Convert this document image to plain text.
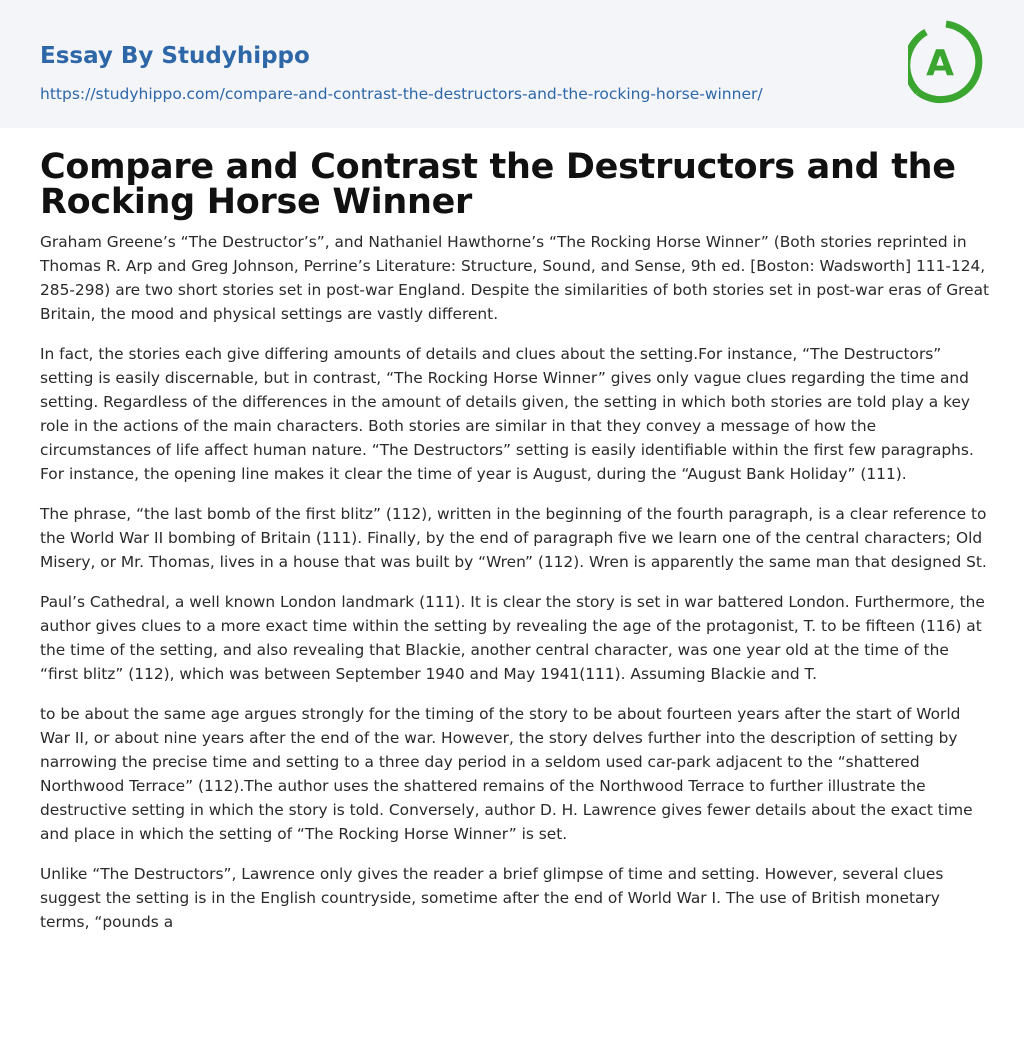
Essay By Studyhippo
https://studyhippo.com/compare-and-contrast-the-destructors-and-the-rocking-horse-winner/
A
Compare and Contrast the Destructors and the Rocking Horse Winner

Graham Greene’s “The Destructor’s”, and Nathaniel Hawthorne’s “The Rocking Horse Winner” (Both stories reprinted in Thomas R. Arp and Greg Johnson, Perrine’s Literature: Structure, Sound, and Sense, 9th ed. [Boston: Wadsworth] 111-124, 285-298) are two short stories set in post-war England. Despite the similarities of both stories set in post-war eras of Great Britain, the mood and physical settings are vastly different.

In fact, the stories each give differing amounts of details and clues about the setting.For instance, “The Destructors” setting is easily discernable, but in contrast, “The Rocking Horse Winner” gives only vague clues regarding the time and setting. Regardless of the differences in the amount of details given, the setting in which both stories are told play a key role in the actions of the main characters. Both stories are similar in that they convey a message of how the circumstances of life affect human nature. “The Destructors” setting is easily identifiable within the first few paragraphs. For instance, the opening line makes it clear the time of year is August, during the “August Bank Holiday” (111).

The phrase, “the last bomb of the first blitz” (112), written in the beginning of the fourth paragraph, is a clear reference to the World War II bombing of Britain (111). Finally, by the end of paragraph five we learn one of the central characters; Old Misery, or Mr. Thomas, lives in a house that was built by “Wren” (112). Wren is apparently the same man that designed St.

Paul’s Cathedral, a well known London landmark (111). It is clear the story is set in war battered London. Furthermore, the author gives clues to a more exact time within the setting by revealing the age of the protagonist, T. to be fifteen (116) at the time of the setting, and also revealing that Blackie, another central character, was one year old at the time of the “first blitz” (112), which was between September 1940 and May 1941(111). Assuming Blackie and T.

to be about the same age argues strongly for the timing of the story to be about fourteen years after the start of World War II, or about nine years after the end of the war. However, the story delves further into the description of setting by narrowing the precise time and setting to a three day period in a seldom used car-park adjacent to the “shattered Northwood Terrace” (112).The author uses the shattered remains of the Northwood Terrace to further illustrate the destructive setting in which the story is told. Conversely, author D. H. Lawrence gives fewer details about the exact time and place in which the setting of “The Rocking Horse Winner” is set.

Unlike “The Destructors”, Lawrence only gives the reader a brief glimpse of time and setting. However, several clues suggest the setting is in the English countryside, sometime after the end of World War I. The use of British monetary terms, “pounds a
